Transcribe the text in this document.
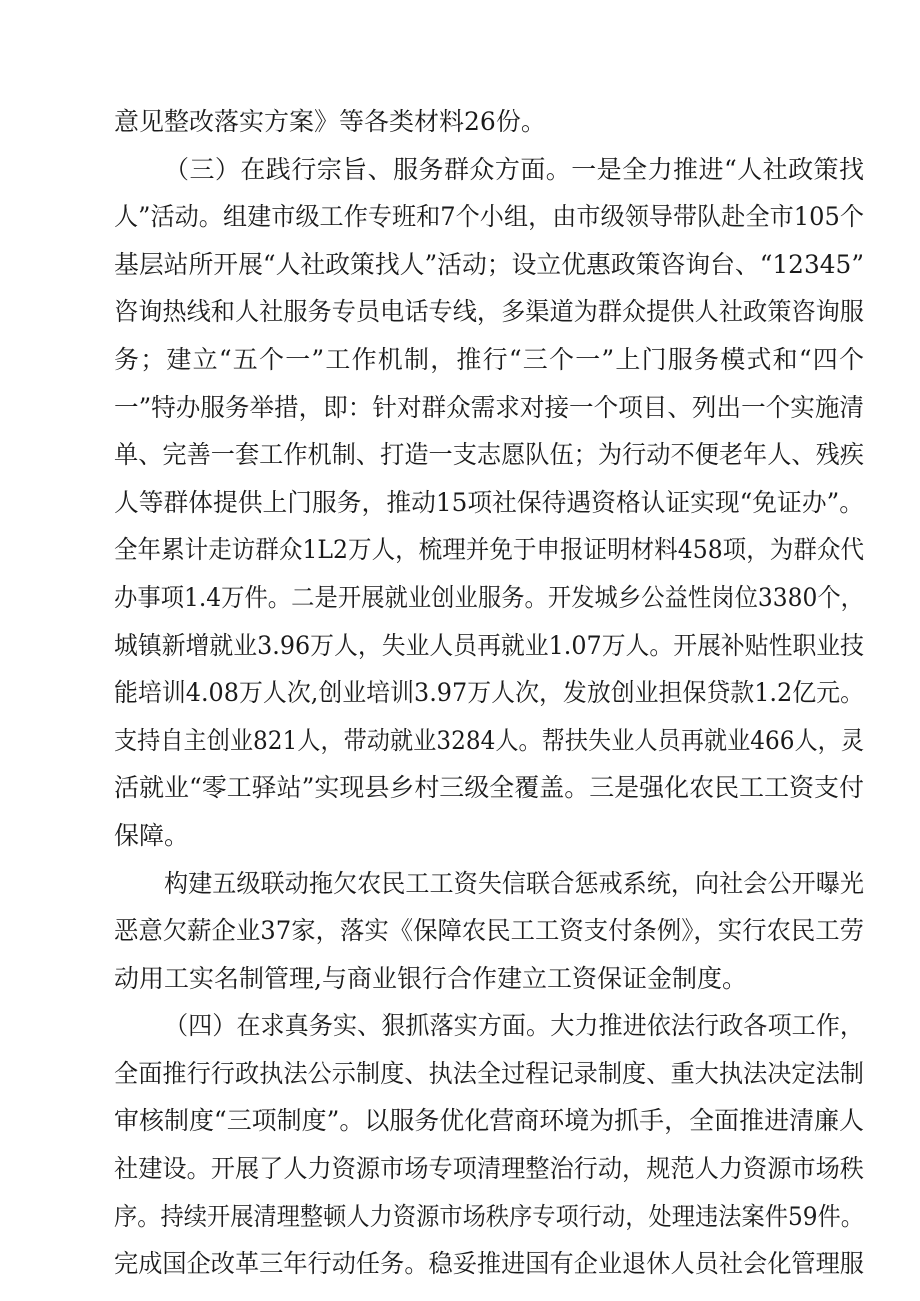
意见整改落实方案》等各类材料26份。
（三）在践行宗旨、服务群众方面。一是全力推进“人社政策找
人”活动。组建市级工作专班和7个小组，由市级领导带队赴全市105个
基层站所开展“人社政策找人”活动；设立优惠政策咨询台、“12345”
咨询热线和人社服务专员电话专线，多渠道为群众提供人社政策咨询服
务；建立“五个一”工作机制，推行“三个一”上门服务模式和“四个
一”特办服务举措，即：针对群众需求对接一个项目、列出一个实施清
单、完善一套工作机制、打造一支志愿队伍；为行动不便老年人、残疾
人等群体提供上门服务，推动15项社保待遇资格认证实现“免证办”。
全年累计走访群众1L2万人，梳理并免于申报证明材料458项，为群众代
办事项1.4万件。二是开展就业创业服务。开发城乡公益性岗位3380个，
城镇新增就业3.96万人，失业人员再就业1.07万人。开展补贴性职业技
能培训4.08万人次,创业培训3.97万人次，发放创业担保贷款1.2亿元。
支持自主创业821人，带动就业3284人。帮扶失业人员再就业466人，灵
活就业“零工驿站”实现县乡村三级全覆盖。三是强化农民工工资支付
保障。
构建五级联动拖欠农民工工资失信联合惩戒系统，向社会公开曝光
恶意欠薪企业37家，落实《保障农民工工资支付条例》，实行农民工劳
动用工实名制管理,与商业银行合作建立工资保证金制度。
（四）在求真务实、狠抓落实方面。大力推进依法行政各项工作，
全面推行行政执法公示制度、执法全过程记录制度、重大执法决定法制
审核制度“三项制度”。以服务优化营商环境为抓手，全面推进清廉人
社建设。开展了人力资源市场专项清理整治行动，规范人力资源市场秩
序。持续开展清理整顿人力资源市场秩序专项行动，处理违法案件59件。
完成国企改革三年行动任务。稳妥推进国有企业退休人员社会化管理服
